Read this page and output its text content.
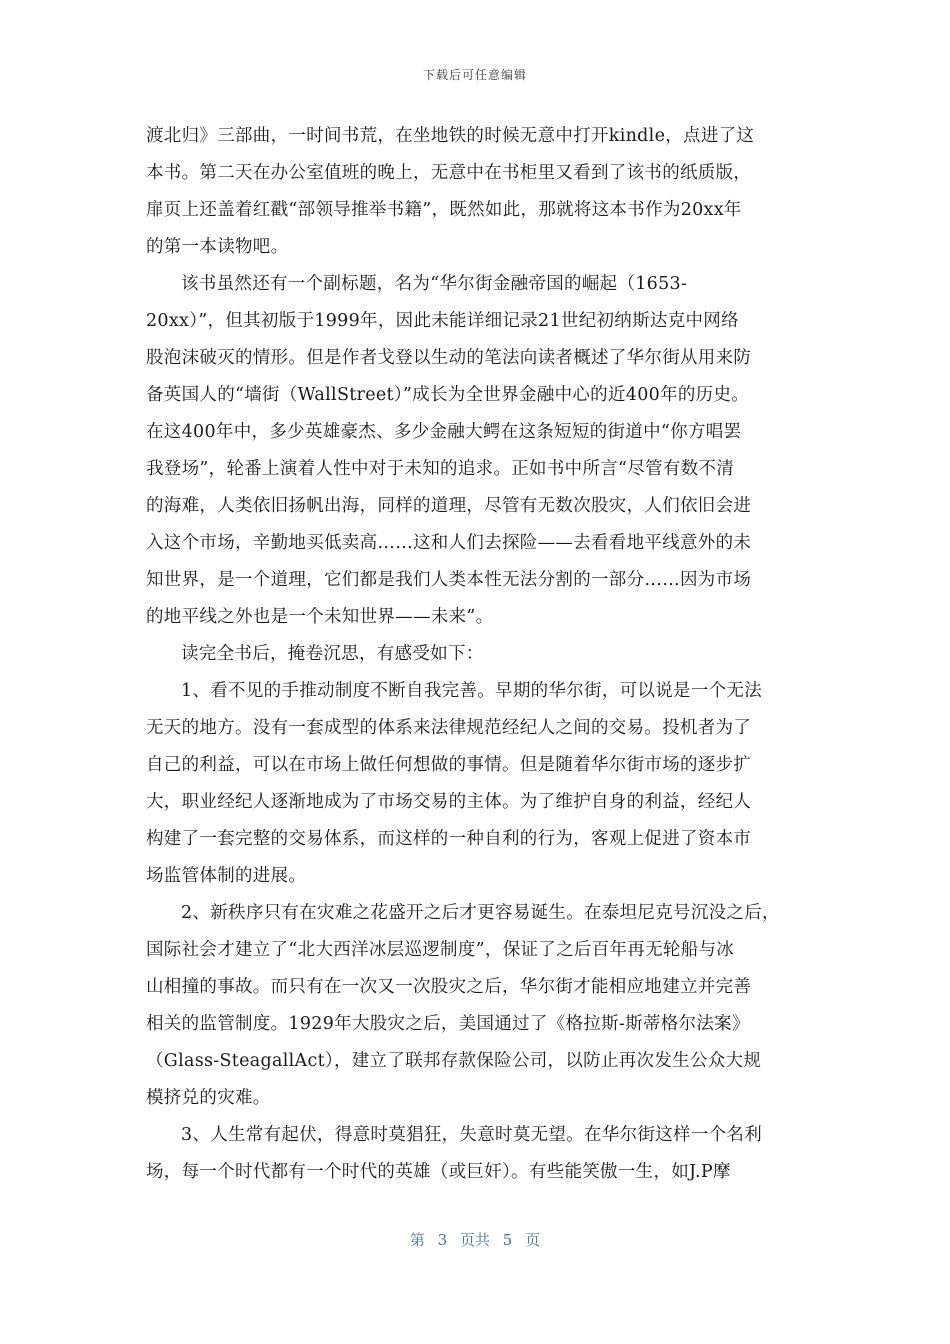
下载后可任意编辑
渡北归》三部曲，一时间书荒，在坐地铁的时候无意中打开kindle，点进了这
本书。第二天在办公室值班的晚上，无意中在书柜里又看到了该书的纸质版，
扉页上还盖着红戳“部领导推举书籍”，既然如此，那就将这本书作为20xx年
的第一本读物吧。
该书虽然还有一个副标题，名为“华尔街金融帝国的崛起（1653-
20xx）”，但其初版于1999年，因此未能详细记录21世纪初纳斯达克中网络
股泡沫破灭的情形。但是作者戈登以生动的笔法向读者概述了华尔街从用来防
备英国人的“墙街（WallStreet）”成长为全世界金融中心的近400年的历史。
在这400年中，多少英雄豪杰、多少金融大鳄在这条短短的街道中“你方唱罢
我登场”，轮番上演着人性中对于未知的追求。正如书中所言“尽管有数不清
的海难，人类依旧扬帆出海，同样的道理，尽管有无数次股灾，人们依旧会进
入这个市场，辛勤地买低卖高……这和人们去探险——去看看地平线意外的未
知世界，是一个道理，它们都是我们人类本性无法分割的一部分……因为市场
的地平线之外也是一个未知世界——未来”。
读完全书后，掩卷沉思，有感受如下：
1、看不见的手推动制度不断自我完善。早期的华尔街，可以说是一个无法
无天的地方。没有一套成型的体系来法律规范经纪人之间的交易。投机者为了
自己的利益，可以在市场上做任何想做的事情。但是随着华尔街市场的逐步扩
大，职业经纪人逐渐地成为了市场交易的主体。为了维护自身的利益，经纪人
构建了一套完整的交易体系，而这样的一种自利的行为，客观上促进了资本市
场监管体制的进展。
2、新秩序只有在灾难之花盛开之后才更容易诞生。在泰坦尼克号沉没之后，
国际社会才建立了“北大西洋冰层巡逻制度”，保证了之后百年再无轮船与冰
山相撞的事故。而只有在一次又一次股灾之后，华尔街才能相应地建立并完善
相关的监管制度。1929年大股灾之后，美国通过了《格拉斯-斯蒂格尔法案》
（Glass-SteagallAct），建立了联邦存款保险公司，以防止再次发生公众大规
模挤兑的灾难。
3、人生常有起伏，得意时莫猖狂，失意时莫无望。在华尔街这样一个名利
场，每一个时代都有一个时代的英雄（或巨奸）。有些能笑傲一生，如J.P摩
第 3 页共 5 页
